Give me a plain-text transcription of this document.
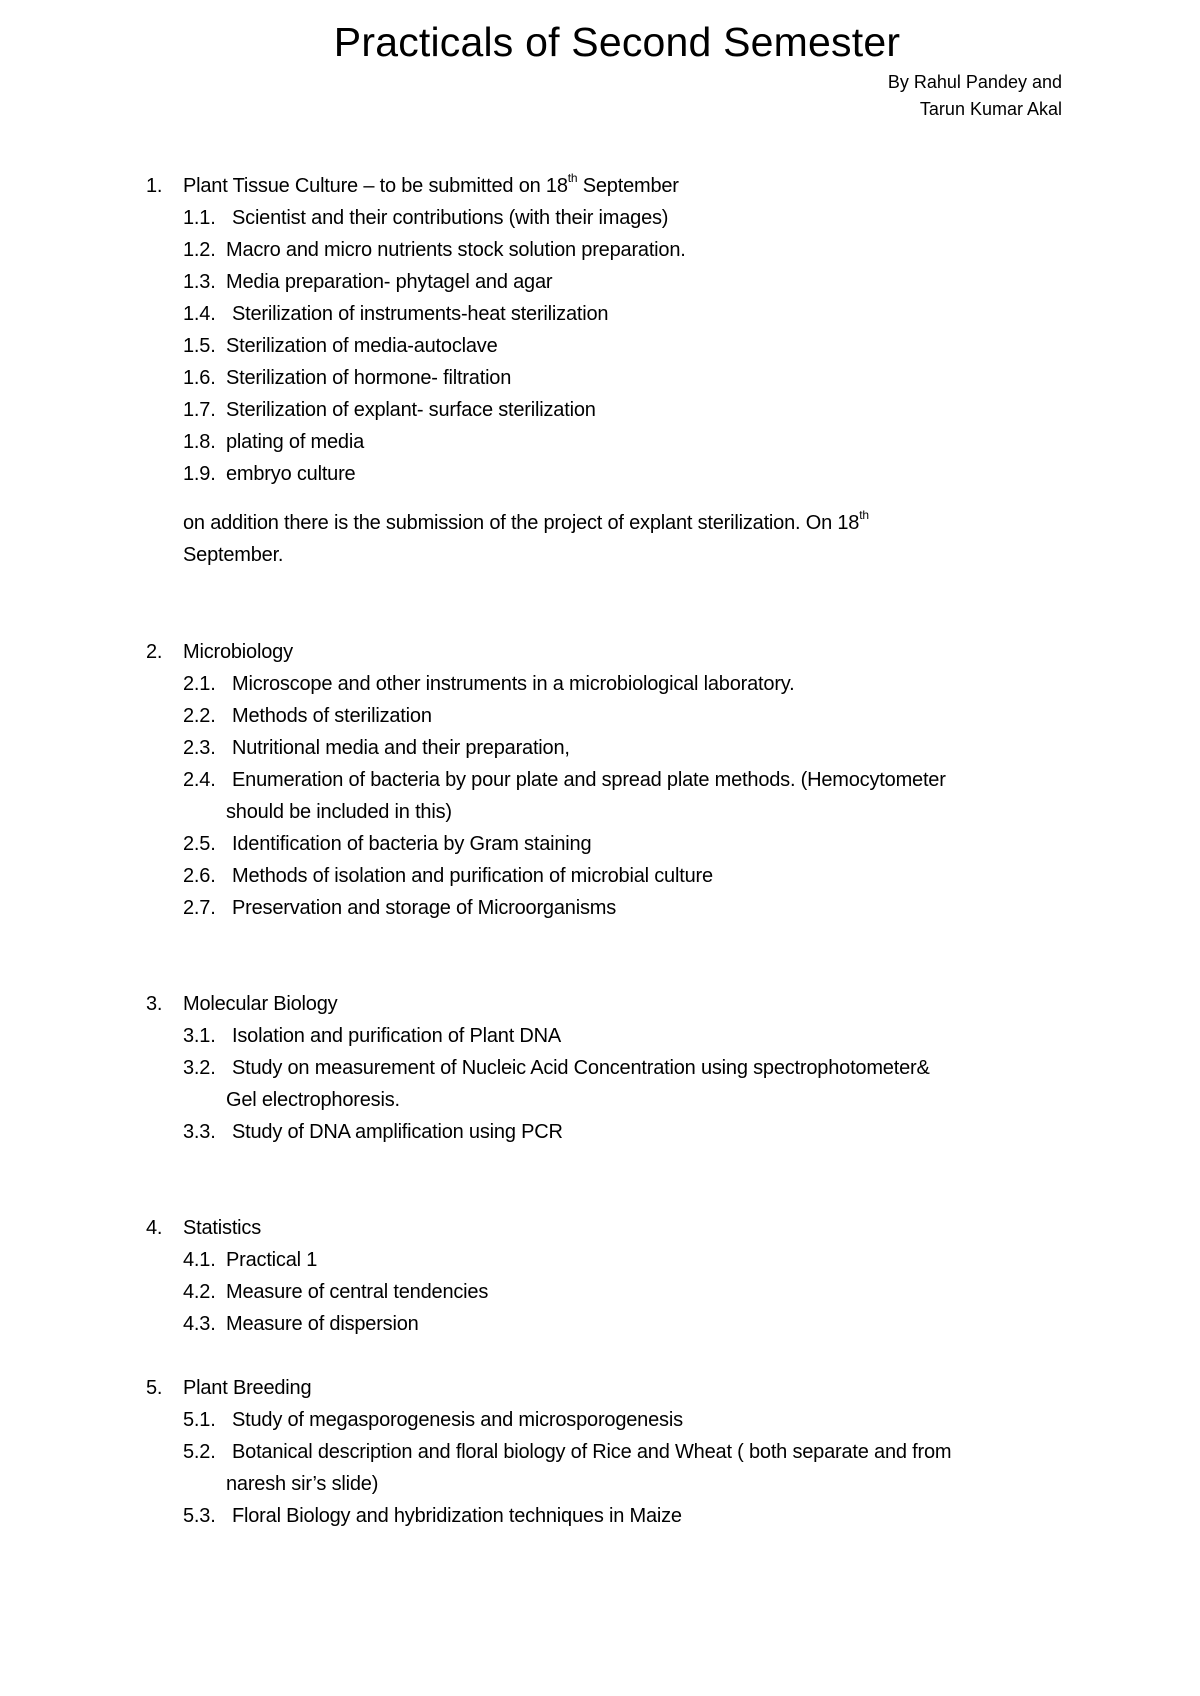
Practicals of Second Semester
By Rahul Pandey and
Tarun Kumar Akal
1. Plant Tissue Culture – to be submitted on 18th September
1.1. Scientist and their contributions (with their images)
1.2. Macro and micro nutrients stock solution preparation.
1.3. Media preparation- phytagel and agar
1.4. Sterilization of instruments-heat sterilization
1.5. Sterilization of media-autoclave
1.6. Sterilization of hormone- filtration
1.7. Sterilization of explant- surface sterilization
1.8. plating of media
1.9. embryo culture
on addition there is the submission of the project of explant sterilization. On 18th
September.
2. Microbiology
2.1. Microscope and other instruments in a microbiological laboratory.
2.2. Methods of sterilization
2.3. Nutritional media and their preparation,
2.4. Enumeration of bacteria by pour plate and spread plate methods. (Hemocytometer
should be included in this)
2.5. Identification of bacteria by Gram staining
2.6. Methods of isolation and purification of microbial culture
2.7. Preservation and storage of Microorganisms
3. Molecular Biology
3.1. Isolation and purification of Plant DNA
3.2. Study on measurement of Nucleic Acid Concentration using spectrophotometer&
Gel electrophoresis.
3.3. Study of DNA amplification using PCR
4. Statistics
4.1. Practical 1
4.2. Measure of central tendencies
4.3. Measure of dispersion
5. Plant Breeding
5.1. Study of megasporogenesis and microsporogenesis
5.2. Botanical description and floral biology of Rice and Wheat ( both separate and from
naresh sir’s slide)
5.3. Floral Biology and hybridization techniques in Maize
